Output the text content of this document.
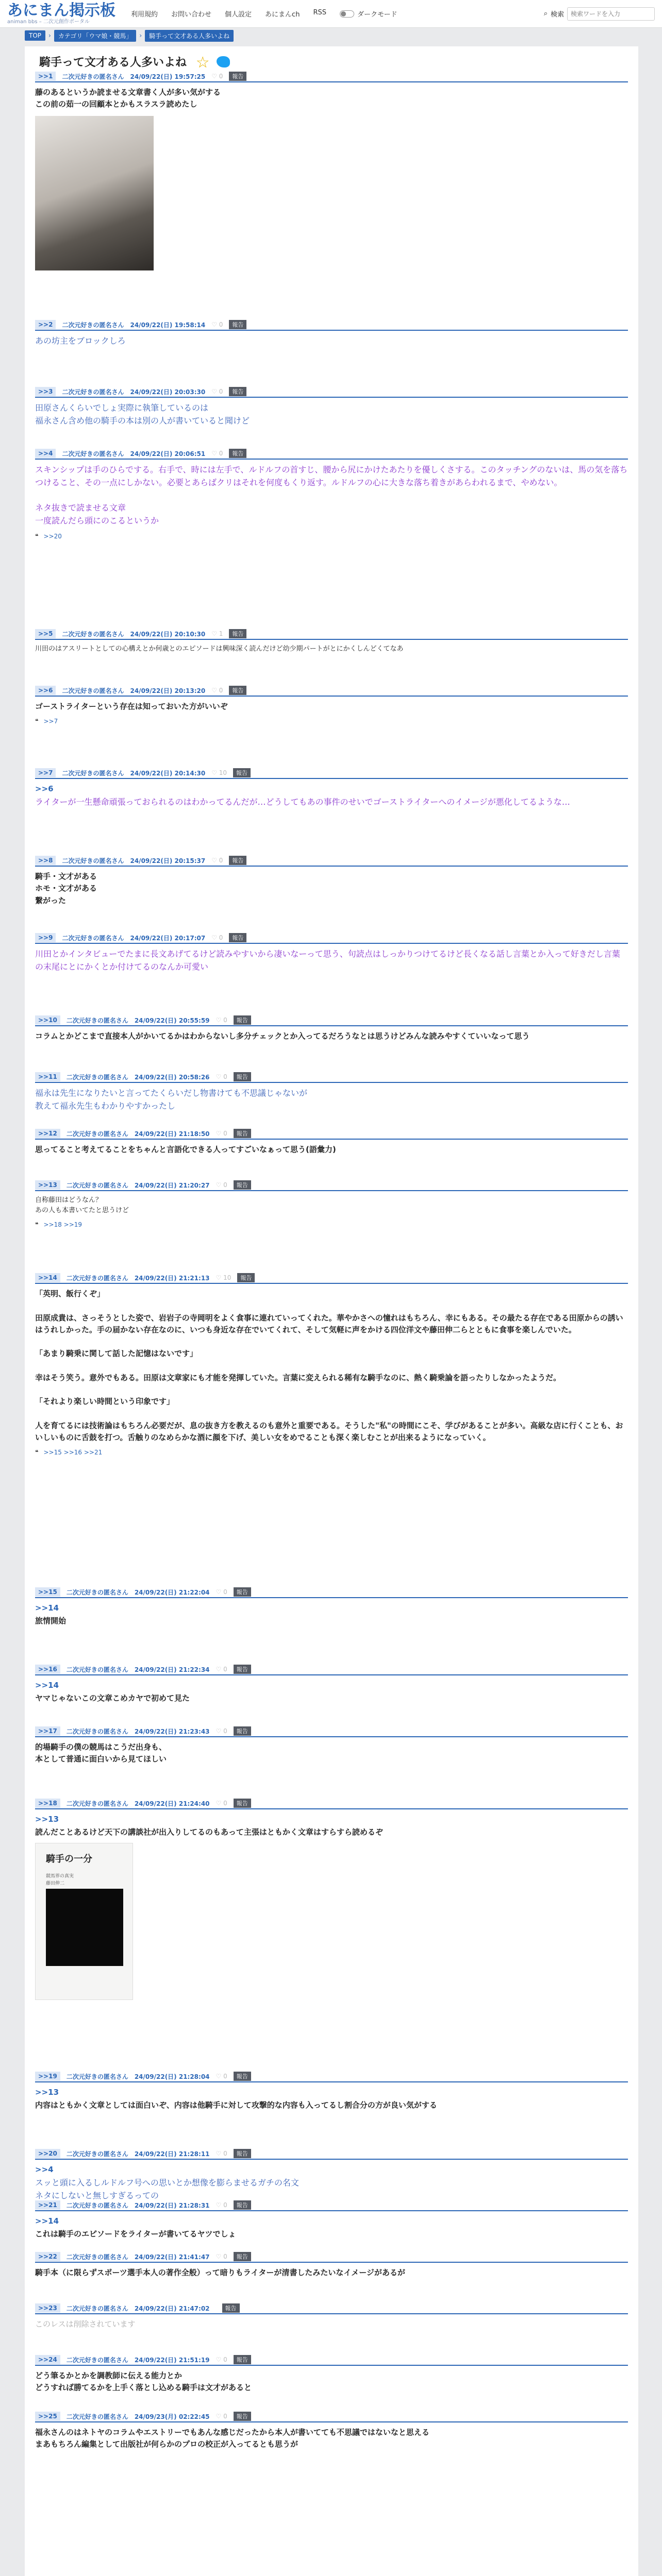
あにまん掲示板
animan bbs – 二次元創作ポータル
利用規約 お問い合わせ 個人設定 あにまんch RSS	ダークモード	⌕ 検索
検索ワードを入力
TOP	›	カテゴリ「ウマ娘・競馬」	›	騎手って文才ある人多いよね
騎手って文才ある人多いよね ☆
>>1	二次元好きの匿名さん 24/09/22(日) 19:57:25 ♡ 0	報告
藤のあるというか読ませる文章書く人が多い気がする
この前の茹一の回顧本とかもスラスラ読めたし
>>2	二次元好きの匿名さん 24/09/22(日) 19:58:14 ♡ 0	報告
あの坊主をブロックしろ
>>3	二次元好きの匿名さん 24/09/22(日) 20:03:30 ♡ 0	報告
田原さんくらいでしょ実際に執筆しているのは
福永さん含め他の騎手の本は別の人が書いていると聞けど
>>4	二次元好きの匿名さん 24/09/22(日) 20:06:51 ♡ 0	報告
スキンシップは手のひらでする。右手で、時には左手で、ルドルフの首すじ、腰から尻にかけたあたりを優しくさする。このタッチングのないは、馬の気を落ちつけること、その一点にしかない。必要とあらばクリはそれを何度もくり返す。ルドルフの心に大きな落ち着きがあらわれるまで、やめない。

ネタ抜きで読ませる文章
一度読んだら頭にのこるというか
❝ >>20
>>5	二次元好きの匿名さん 24/09/22(日) 20:10:30 ♡ 1	報告
川田のはアスリートとしての心構えとか何歳とのエピソードは興味深く読んだけど幼少期パートがとにかくしんどくてなあ
>>6	二次元好きの匿名さん 24/09/22(日) 20:13:20 ♡ 0	報告
ゴーストライターという存在は知っておいた方がいいぞ
❝ >>7
>>7	二次元好きの匿名さん 24/09/22(日) 20:14:30 ♡ 10	報告
>>6
ライターが一生懸命頑張っておられるのはわかってるんだが…どうしてもあの事件のせいでゴーストライターへのイメージが悪化してるような…
>>8	二次元好きの匿名さん 24/09/22(日) 20:15:37 ♡ 0	報告
騎手・文才がある
ホモ・文才がある
繋がった
>>9	二次元好きの匿名さん 24/09/22(日) 20:17:07 ♡ 0	報告
川田とかインタビューでたまに長文あげてるけど読みやすいから凄いなーって思う、句読点はしっかりつけてるけど長くなる話し言葉とか入って好きだし言葉の末尾にとにかくとか付けてるのなんか可愛い
>>10	二次元好きの匿名さん 24/09/22(日) 20:55:59 ♡ 0	報告
コラムとかどこまで直接本人がかいてるかはわからないし多分チェックとか入ってるだろうなとは思うけどみんな読みやすくていいなって思う
>>11	二次元好きの匿名さん 24/09/22(日) 20:58:26 ♡ 0	報告
福永は先生になりたいと言ってたくらいだし物書けても不思議じゃないが
教えて福永先生もわかりやすかったし
>>12	二次元好きの匿名さん 24/09/22(日) 21:18:50 ♡ 0	報告
思ってること考えてることをちゃんと言語化できる人ってすごいなぁって思う(語彙力)
>>13	二次元好きの匿名さん 24/09/22(日) 21:20:27 ♡ 0	報告
自称藤田はどうなん？
あの人も本書いてたと思うけど
❝ >>18 >>19
>>14	二次元好きの匿名さん 24/09/22(日) 21:21:13 ♡ 10	報告
「英明、飯行くぞ」

田原成貴は、さっそうとした姿で、岩岩子の寺岡明をよく食事に連れていってくれた。華やかさへの憧れはもちろん、幸にもある。その最たる存在である田原からの誘いはうれしかった。手の届かない存在なのに、いつも身近な存在でいてくれて、そして気軽に声をかける四位洋文や藤田伸二らとともに食事を楽しんでいた。

「あまり騎乗に関して話した記憶はないです」

幸はそう笑う。意外でもある。田原は文章家にも才能を発揮していた。言葉に変えられる稀有な騎手なのに、熱く騎乗論を語ったりしなかったようだ。

「それより楽しい時間という印象です」

人を育てるには技術論はもちろん必要だが、息の抜き方を教えるのも意外と重要である。そうした"私"の時間にこそ、学びがあることが多い。高級な店に行くことも、おいしいものに舌鼓を打つ。舌触りのなめらかな酒に顔を下げ、美しい女をめでることも深く楽しむことが出来るようになっていく。
❝ >>15 >>16 >>21
>>15	二次元好きの匿名さん 24/09/22(日) 21:22:04 ♡ 0	報告
>>14
旅情開始
>>16	二次元好きの匿名さん 24/09/22(日) 21:22:34 ♡ 0	報告
>>14
ヤマじゃないこの文章こめカヤで初めて見た
>>17	二次元好きの匿名さん 24/09/22(日) 21:23:43 ♡ 0	報告
的場騎手の僕の競馬はこうだ出身も、
本として普通に面白いから見てほしい
>>18	二次元好きの匿名さん 24/09/22(日) 21:24:40 ♡ 0	報告
>>13
読んだことあるけど天下の講談社が出入りしてるのもあって主張はともかく文章はすらすら読めるぞ
騎手の一分
競馬界の真実
藤田伸二
>>19	二次元好きの匿名さん 24/09/22(日) 21:28:04 ♡ 0	報告
>>13
内容はともかく文章としては面白いぞ、内容は他騎手に対して攻撃的な内容も入ってるし割合分の方が良い気がする
>>20	二次元好きの匿名さん 24/09/22(日) 21:28:11 ♡ 0	報告
>>4
スッと頭に入るしルドルフ号への思いとか想像を膨らませるガチの名文
ネタにしないと無しすぎるっての
>>21	二次元好きの匿名さん 24/09/22(日) 21:28:31 ♡ 0	報告
>>14
これは騎手のエピソードをライターが書いてるヤツでしょ
>>22	二次元好きの匿名さん 24/09/22(日) 21:41:47 ♡ 0	報告
騎手本（に限らずスポーツ選手本人の著作全般）って暗りもライターが清書したみたいなイメージがあるが
>>23	二次元好きの匿名さん 24/09/22(日) 21:47:02	報告
このレスは削除されています
>>24	二次元好きの匿名さん 24/09/22(日) 21:51:19 ♡ 0	報告
どう筆るかとかを調教師に伝える能力とか
どうすれば勝てるかを上手く落とし込める騎手は文才があると
>>25	二次元好きの匿名さん 24/09/23(月) 02:22:45 ♡ 0	報告
福永さんのはネトヤのコラムやエストリーでもあんな感じだったから本人が書いてても不思議ではないなと思える
まあもちろん編集として出版社が何らかのプロの校正が入ってるとも思うが
